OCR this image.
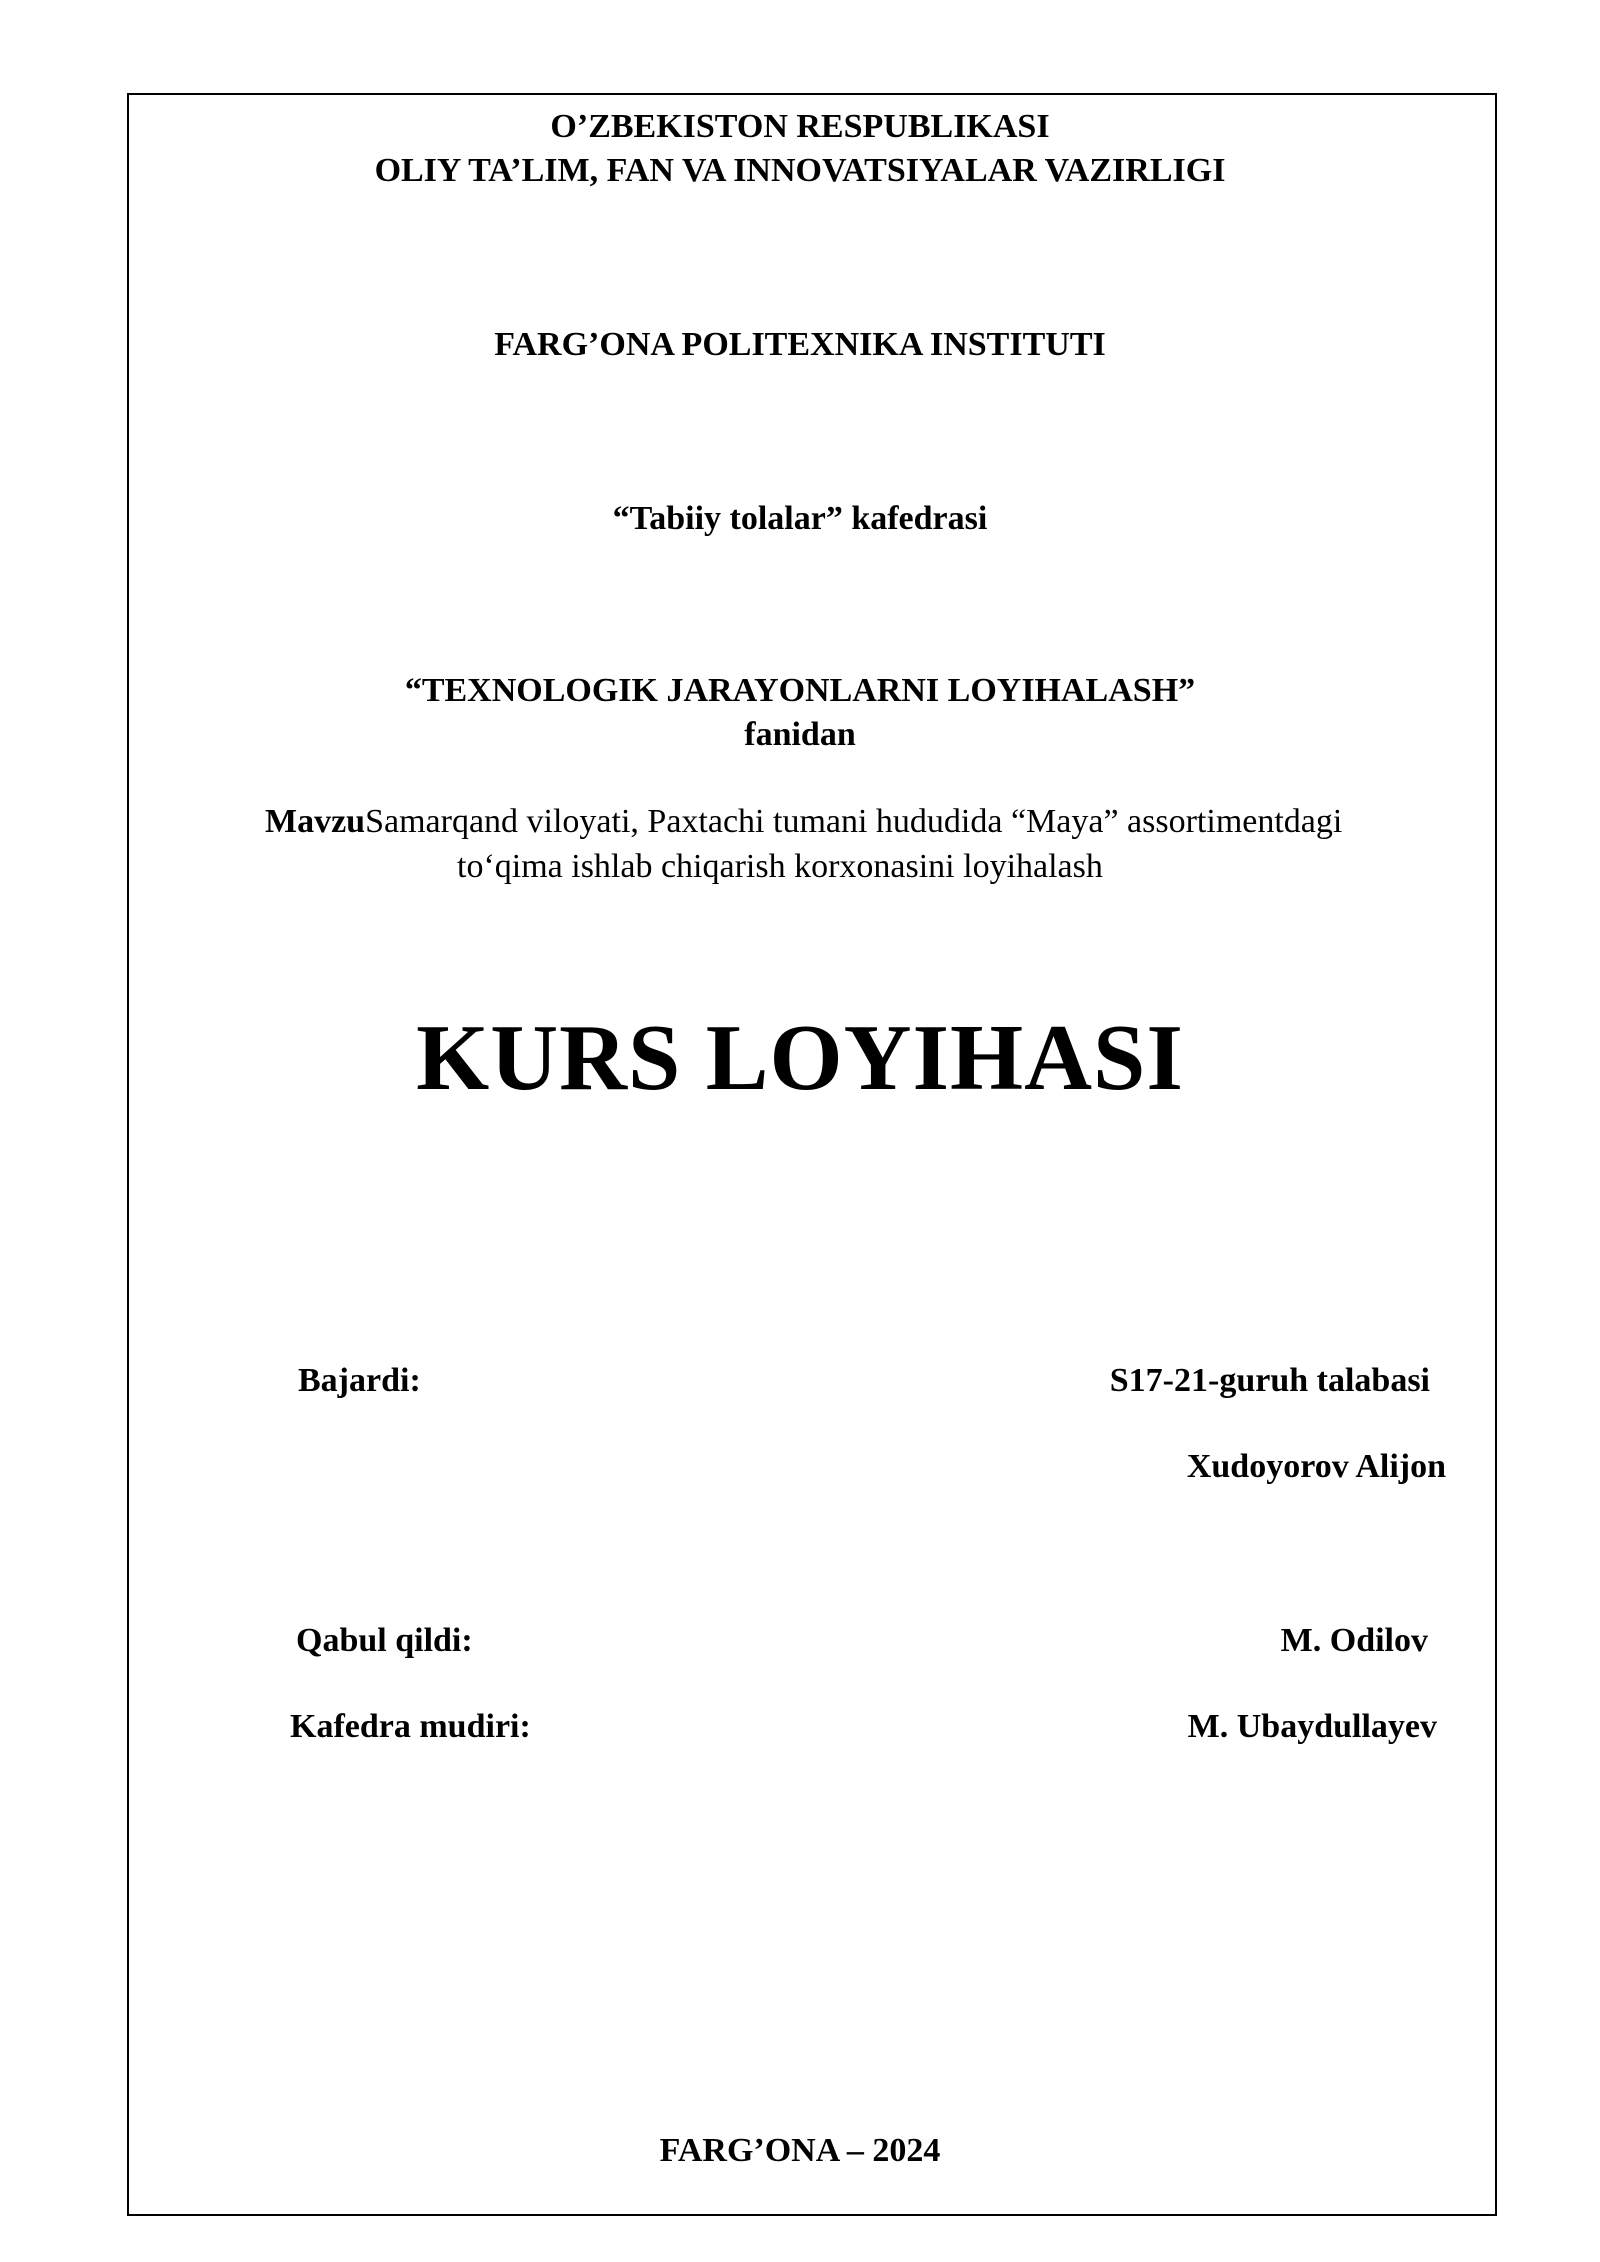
O’ZBEKISTON RESPUBLIKASI
OLIY TA’LIM, FAN VA INNOVATSIYALAR VAZIRLIGI
FARG’ONA POLITEXNIKA INSTITUTI
“Tabiiy tolalar” kafedrasi
“TEXNOLOGIK JARAYONLARNI LOYIHALASH”
fanidan
MavzuSamarqand viloyati, Paxtachi tumani hududida “Maya” assortimentdagi
to‘qima ishlab chiqarish korxonasini loyihalash
KURS LOYIHASI
Bajardi:	S17-21-guruh talabasi
Xudoyorov Alijon
Qabul qildi:	M. Odilov
Kafedra mudiri:	M. Ubaydullayev
FARG’ONA – 2024
